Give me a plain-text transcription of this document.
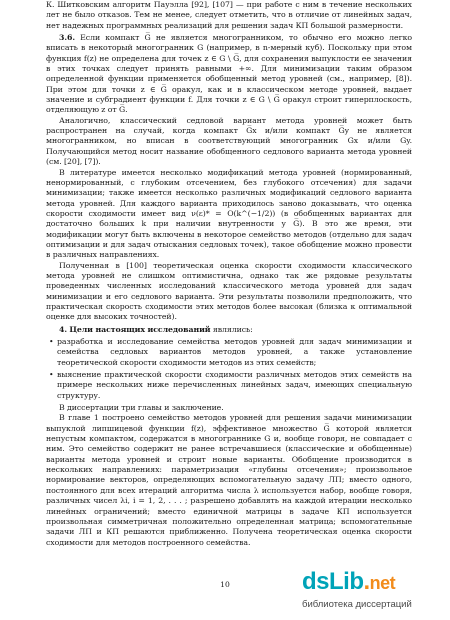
К. Шитковским алгоритм Пауэлла [92], [107] — при работе с ним в течение нескольких лет не было отказов. Тем не менее, следует отметить, что в отличие от линейных задач, нет надежных программных реализаций для решения задач КП большой размерности.

3.6. Если компакт G̅ не является многогранником, то обычно его можно легко вписать в некоторый многогранник G (например, в n-мерный куб). Поскольку при этом функция f(z) не определена для точек z ∈ G \ G̅, для сохранения выпуклости ее значения в этих точках следует принять равными +∞. Для минимизации таким образом определенной функции применяется обобщенный метод уровней (см., например, [8]). При этом для точки z ∈ G̅ оракул, как и в классическом методе уровней, выдает значение и субградиент функции f. Для точки z ∈ G \ G̅ оракул строит гиперплоскость, отделяющую z от G̅.

Аналогично, классический седловой вариант метода уровней может быть распространен на случай, когда компакт G̅x и/или компакт G̅y не является многогранником, но вписан в соответствующий многогранник Gx и/или Gy. Получающийся метод носит название обобщенного седлового варианта метода уровней (см. [20], [7]).

В литературе имеется несколько модификаций метода уровней (нормированный, ненормированный, с глубоким отсечением, без глубокого отсечения) для задачи минимизации; также имеется несколько различных модификаций седлового варианта метода уровней. Для каждого варианта приходилось заново доказывать, что оценка скорости сходимости имеет вид ν(ε)* = O(k^(−1/2)) (в обобщенных вариантах для достаточно больших k при наличии внутренности у G̅). В это же время, эти модификации могут быть включены в некоторое семейство методов (отдельно для задач оптимизации и для задач отыскания седловых точек), такое обобщение можно провести в различных направлениях.

Полученная в [100] теоретическая оценка скорости сходимости классического метода уровней не слишком оптимистична, однако так же рядовые результаты проведенных численных исследований классического метода уровней для задач минимизации и его седлового варианта. Эти результаты позволили предположить, что практическая скорость сходимости этих методов более высокая (близка к оптимальной оценке для высоких точностей).

4. Цели настоящих исследований являлись:

• разработка и исследование семейства методов уровней для задач минимизации и семейства седловых вариантов методов уровней, а также установление теоретической скорости сходимости методов из этих семейств;

• выяснение практической скорости сходимости различных методов этих семейств на примере нескольких ниже перечисленных линейных задач, имеющих специальную структуру.

В диссертации три главы и заключение.

В главе 1 построено семейство методов уровней для решения задачи минимизации выпуклой липшицевой функции f(z), эффективное множество G̅ которой является непустым компактом, содержатся в многограннике G и, вообще говоря, не совпадает с ним. Это семейство содержит не ранее встречавшиеся (классические и обобщенные) варианты метода уровней и строит новые варианты. Обобщение производится в нескольких направлениях: параметризация «глубины отсечения»; произвольное нормирование векторов, определяющих вспомогательную задачу ЛП; вместо одного, постоянного для всех итераций алгоритма числа λ используется набор, вообще говоря, различных чисел λi, i = 1, 2, . . . ; разрешено добавлять на каждой итерации несколько линейных ограничений; вместо единичной матрицы в задаче КП используется произвольная симметричная положительно определенная матрица; вспомогательные задачи ЛП и КП решаются приближенно. Получена теоретическая оценка скорости сходимости для методов построенного семейства.

10	dsLib.net
библиотека диссертаций
